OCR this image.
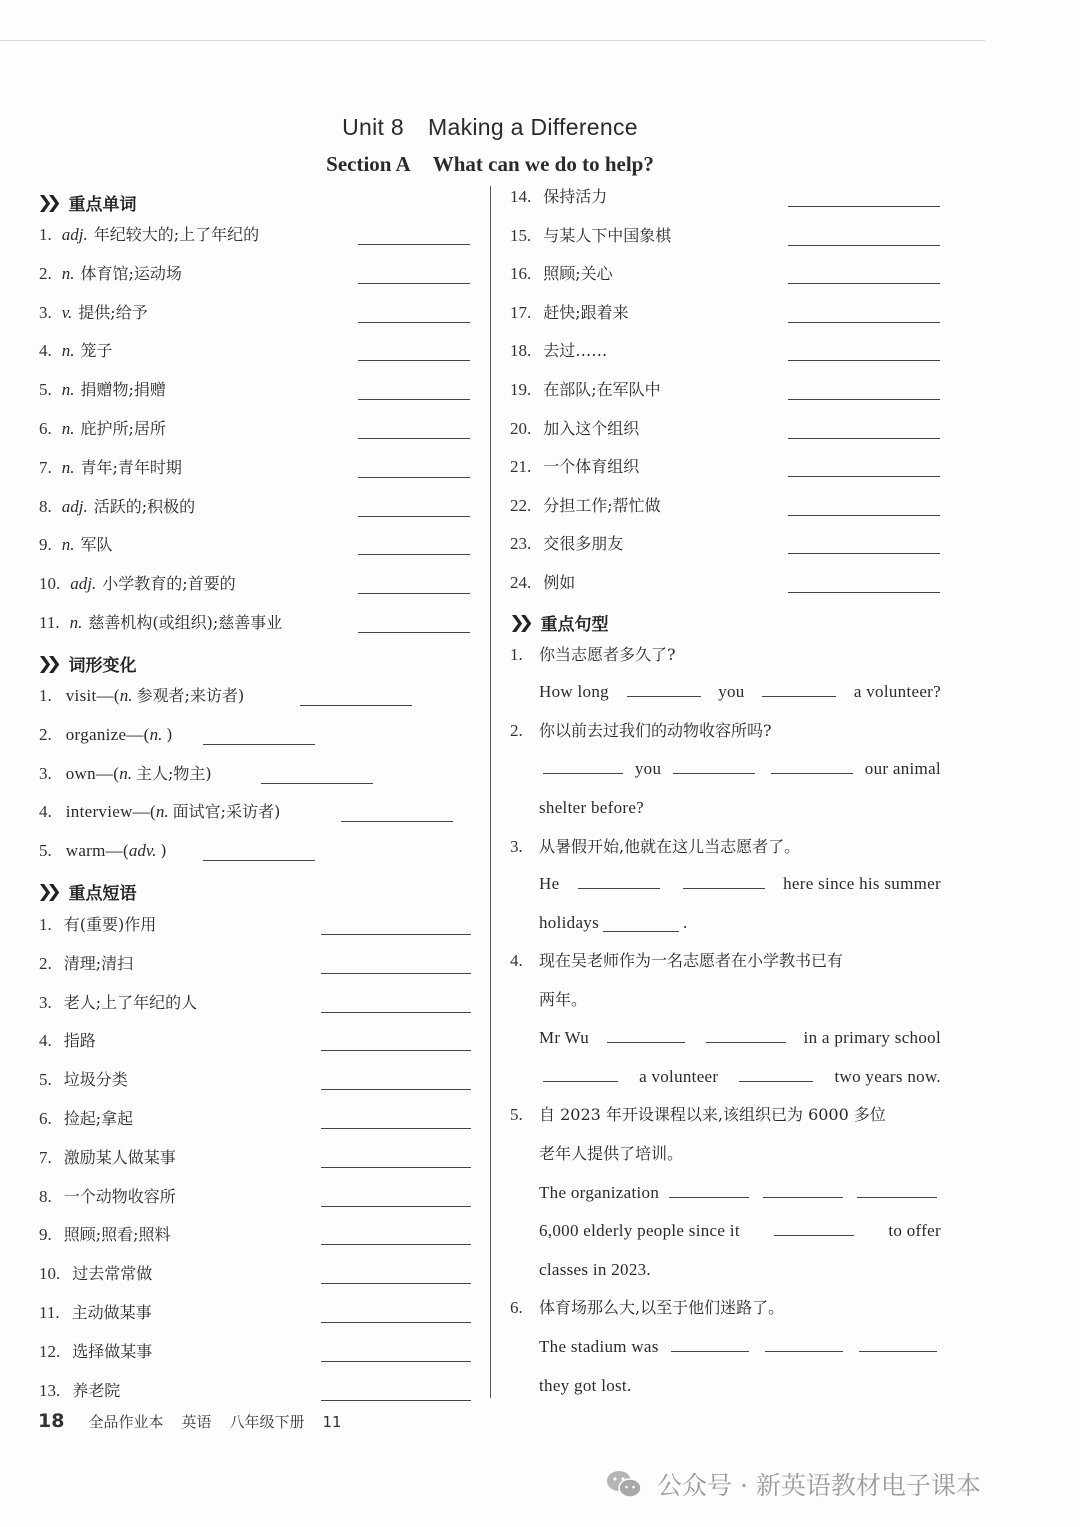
Unit 8 Making a Difference
Section A What can we do to help?
❯❯ 重点单词
1. adj. 年纪较大的;上了年纪的
2. n. 体育馆;运动场
3. v. 提供;给予
4. n. 笼子
5. n. 捐赠物;捐赠
6. n. 庇护所;居所
7. n. 青年;青年时期
8. adj. 活跃的;积极的
9. n. 军队
10. adj. 小学教育的;首要的
11. n. 慈善机构(或组织);慈善事业
❯❯ 词形变化
1. visit—(n. 参观者;来访者)
2. organize—(n. )
3. own—(n. 主人;物主)
4. interview—(n. 面试官;采访者)
5. warm—(adv. )
❯❯ 重点短语
1. 有(重要)作用
2. 清理;清扫
3. 老人;上了年纪的人
4. 指路
5. 垃圾分类
6. 捡起;拿起
7. 激励某人做某事
8. 一个动物收容所
9. 照顾;照看;照料
10. 过去常常做
11. 主动做某事
12. 选择做某事
13. 养老院
14. 保持活力
15. 与某人下中国象棋
16. 照顾;关心
17. 赶快;跟着来
18. 去过……
19. 在部队;在军队中
20. 加入这个组织
21. 一个体育组织
22. 分担工作;帮忙做
23. 交很多朋友
24. 例如
❯❯ 重点句型
1. 你当志愿者多久了?
How long	you	a volunteer?
2. 你以前去过我们的动物收容所吗?
you	our animal
shelter before?
3. 从暑假开始,他就在这儿当志愿者了。
He	here since his summer
holidays	.
4. 现在吴老师作为一名志愿者在小学教书已有
两年。
Mr Wu	in a primary school
a volunteer	two years now.
5. 自 2023 年开设课程以来,该组织已为 6000 多位
老年人提供了培训。
The organization
6,000 elderly people since it	to offer
classes in 2023.
6. 体育场那么大,以至于他们迷路了。
The stadium was
they got lost.
18 全品作业本 英语 八年级下册 11
公众号 · 新英语教材电子课本
